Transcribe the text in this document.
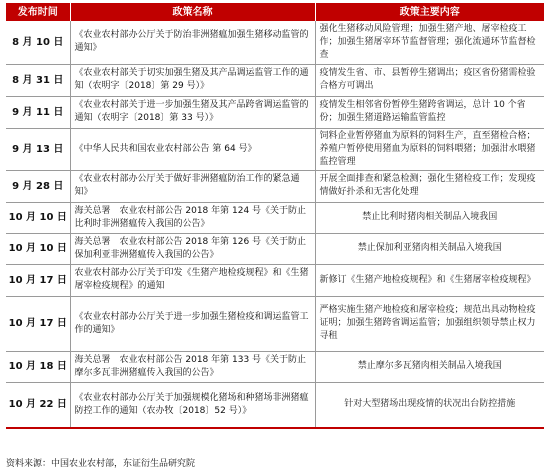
发布时间	政策名称	政策主要内容
8 月 10 日	《农业农村部办公厅关于防治非洲猪瘟加强生猪移动监管的通知》	强化生猪移动风险管理；加强生猪产地、屠宰检疫工作；加强生猪屠宰环节监督管理；强化流通环节监督检查
8 月 31 日	《农业农村部关于切实加强生猪及其产品调运监管工作的通知（农明字〔2018〕第 29 号）》	疫情发生省、市、县暂停生猪调出；疫区省份猪需检验合格方可调出
9 月 11 日	《农业农村部关于进一步加强生猪及其产品跨省调运监管的通知（农明字〔2018〕第 33 号）》	疫情发生相邻省份暂停生猪跨省调运，总计 10 个省份；加强生猪道路运输监管监控
9 月 13 日	《中华人民共和国农业农村部公告 第 64 号》	饲料企业暂停猪血为原料的饲料生产，直至猪检合格；养殖户暂停使用猪血为原料的饲料喂猪；加强泔水喂猪监控管理
9 月 28 日	《农业农村部办公厅关于做好非洲猪瘟防治工作的紧急通知》	开展全面排查和紧急检测；强化生猪检疫工作；发现疫情做好扑杀和无害化处理
10 月 10 日	海关总署　农业农村部公告 2018 年第 124 号《关于防止比利时非洲猪瘟传入我国的公告》	禁止比利时猪肉相关制品入境我国
10 月 10 日	海关总署　农业农村部公告 2018 年第 126 号《关于防止保加利亚非洲猪瘟传入我国的公告》	禁止保加利亚猪肉相关制品入境我国
10 月 17 日	农业农村部办公厅关于印发《生猪产地检疫规程》和《生猪屠宰检疫规程》的通知	新修订《生猪产地检疫规程》和《生猪屠宰检疫规程》
10 月 17 日	《农业农村部办公厅关于进一步加强生猪检疫和调运监管工作的通知》	严格实施生猪产地检疫和屠宰检疫；规范出具动物检疫证明；加强生猪跨省调运监管；加强组织领导禁止权力寻租
10 月 18 日	海关总署　农业农村部公告 2018 年第 133 号《关于防止摩尔多瓦非洲猪瘟传入我国的公告》	禁止摩尔多瓦猪肉相关制品入境我国
10 月 22 日	《农业农村部办公厅关于加强规模化猪场和种猪场非洲猪瘟防控工作的通知（农办牧〔2018〕52 号）》	针对大型猪场出现疫情的状况出台防控措施
资料来源：中国农业农村部，东证衍生品研究院
